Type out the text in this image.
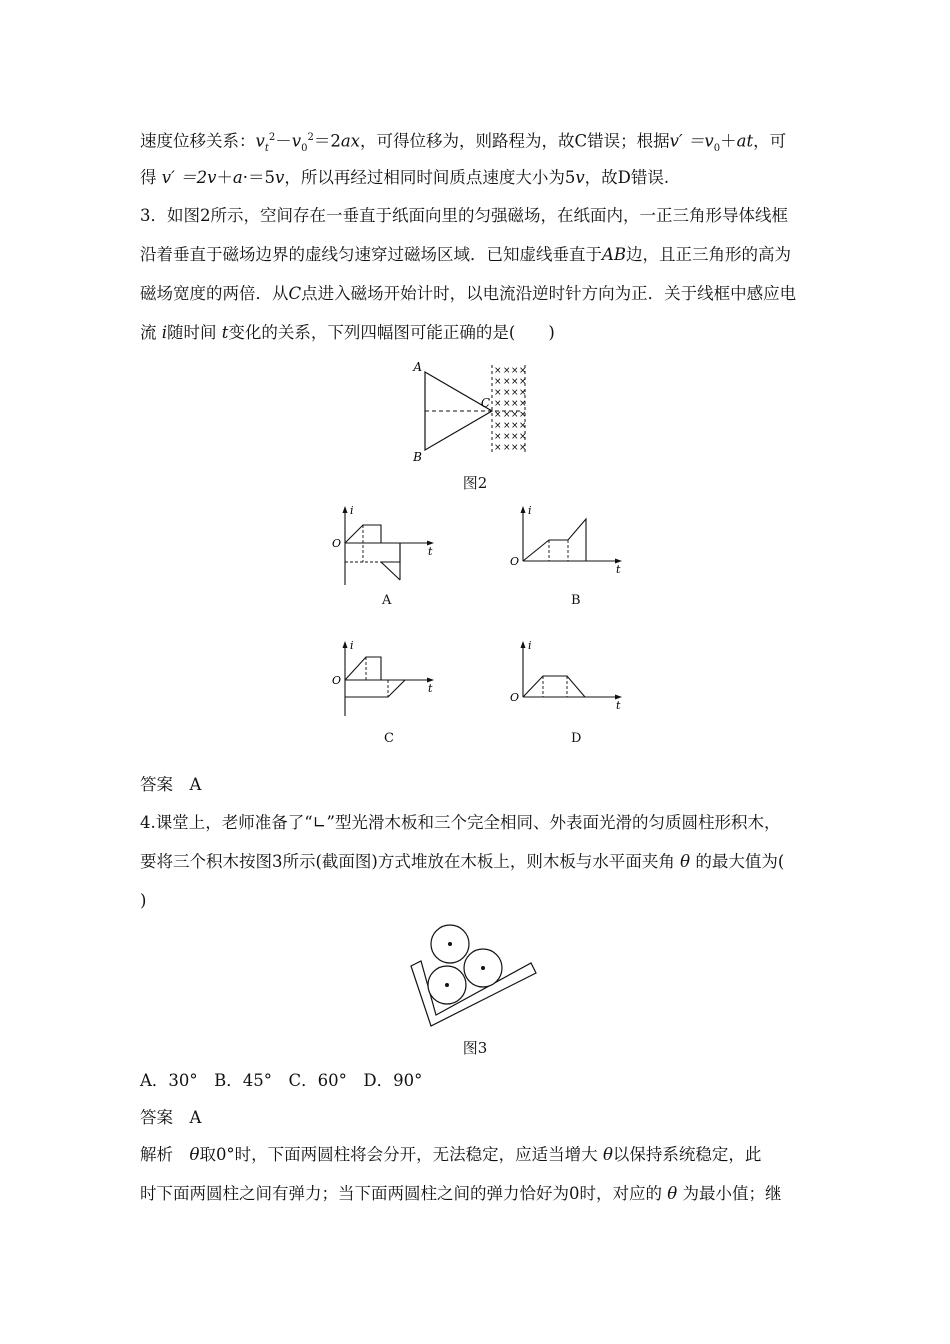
速度位移关系：$v_t^2-v_0^2=2ax$，可得位移为，则路程为，故C错误；根据$v' =v_0+at$，可
得 v′ ＝2v＋a·＝5v，所以再经过相同时间质点速度大小为5v，故D错误.
3．如图2所示，空间存在一垂直于纸面向里的匀强磁场，在纸面内，一正三角形导体线框
沿着垂直于磁场边界的虚线匀速穿过磁场区域．已知虚线垂直于AB边，且正三角形的高为
磁场宽度的两倍．从C点进入磁场开始计时，以电流沿逆时针方向为正．关于线框中感应电
流 i随时间 t变化的关系，下列四幅图可能正确的是(　　)
× × × ×
× × × ×
× × × ×
× × × ×
× × × ×
× × × ×
× × × ×
× × × ×
A
B
C
图2
i
t
O
A
i
t
O
B
i
t
O
C
i
t
O
D
答案　A
4.课堂上，老师准备了“∟”型光滑木板和三个完全相同、外表面光滑的匀质圆柱形积木，
要将三个积木按图3所示(截面图)方式堆放在木板上，则木板与水平面夹角 θ 的最大值为(
)
图3
A．30°　B．45°　C．60°　D．90°
答案　A
解析　θ取0°时，下面两圆柱将会分开，无法稳定，应适当增大 θ以保持系统稳定，此
时下面两圆柱之间有弹力；当下面两圆柱之间的弹力恰好为0时，对应的 θ 为最小值；继
